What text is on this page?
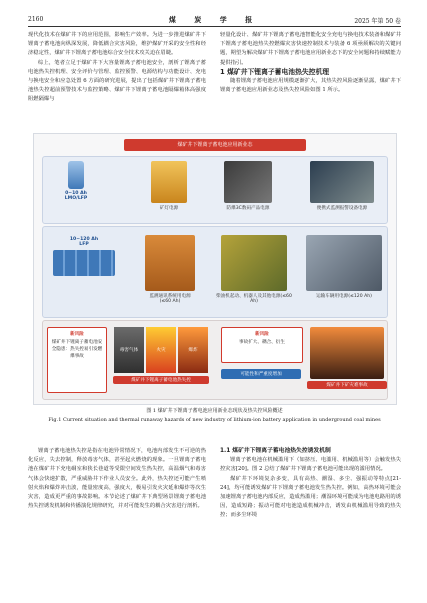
2160	煤 炭 学 报	2025 年第 50 卷

现代化技术在煤矿井下的应用范围，影响生产效率。为进一步推进煤矿井下锂离子蓄电池向纵深发展，降低耦合灾害风险，维护煤矿开采的安全性和经济稳定性，煤矿井下锂离子蓄电池综合安全技术攻关迫在眉睫。

综上，笔者立足于煤矿井下大容量锂离子蓄电池安全，剖析了锂离子蓄电池热失控机理、安全评价与管理、监控预警、电源结构与功能设计、充电与换电安全和应急处置 6 方面的研究进展，提出了包括煤矿井下锂离子蓄电池热失控超前预警技术与监控策略、煤矿井下锂离子蓄电池隔爆箱体高强度阻燃隔爆与

轻量化设计、煤矿井下锂离子蓄电池智能化安全充电与换电技术装备和煤矿井下锂离子蓄电池热失控燃爆灾害快速控制技术与装备 6 项亟须解决的关键问题，期望为解决煤矿井下锂离子蓄电池应用新业态下的安全问题和持续赋能力提供指引。

1 煤矿井下锂离子蓄电池热失控机理

随着锂离子蓄电池应用规模逐渐扩大，其热失控风险逐渐显露，煤矿井下锂离子蓄电池应用新业态及热失控风险如图 1 所示。

煤矿井下锂离子蓄电池应用新业态
0~10 Ah
LMO/LFP
矿灯电源	防爆3C数码产品电源	便携式监测报警设备电源
10~120 Ah
LFP
监测通讯系统用电源
(≤60 Ah)
柴油机起动、机器人及其他电源(≤60 Ah)
运输车辆用电源(≤120 Ah)
新风险
煤矿井下锂离子蓄电池安全隐患：热失控易引发燃爆事故
毒害气体	火灾	爆炸
煤矿井下锂离子蓄电池热失控
新风险
事故扩大、耦合、衍生
可能性和严重度增加
煤矿井下矿灾难事故
图 1 煤矿井下锂离子蓄电池应用新业态现状及热失控风险概述
Fig.1 Current situation and thermal runaway hazards of new industry of lithium-ion battery application in underground coal mines

锂离子蓄电池热失控是指在电池异常情况下，电池内部发生不可逆的热化反应，失去控制，释放毒害气体，甚至起火燃烧的现象。一旦锂离子蓄电池在煤矿井下充电硐室和狭长巷道等受限空间发生热失控，高温烟气和毒害气体会快速扩散，严重威胁井下作业人员安全。此外，热失控还可能产生喷射火焰和爆炸冲击波，能量密度高，强度大，极易引发火灾延和爆炸等次生灾害，造成更严重的事故影响。本节论述了煤矿井下典型场景锂离子蓄电池热失控诱发机制和传播演化规律研究，并对可能发生的耦合灾害进行剖析。

1.1 煤矿井下锂离子蓄电池热失控诱发机制

锂离子蓄电池在机械滥用下（如挤压、电滥用、机械滥用等）会触发热失控灾害[20]。图 2 总结了煤矿井下锂离子蓄电池可能出现的滥用情况。

煤矿井下环境复杂多变，具有高热、潮湿、多尘、强振动等特点[21-24]，均可能诱发煤矿井下锂离子蓄电池发生热失控。例如，高热环境可能会加速锂离子蓄电池内部反应，造成热滥用；潮湿环境可能成为电池电路用的诱因，造成短路；振动可能对电池造成机械冲击，诱发由机械滥用导致的热失控；而多尘环境
